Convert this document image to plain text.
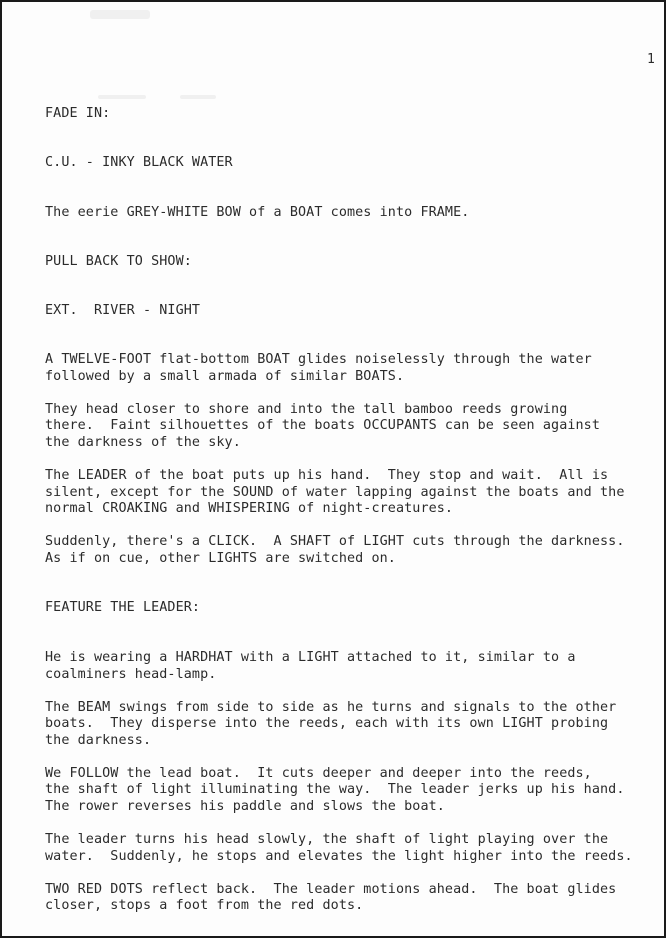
1

FADE IN:

C.U. - INKY BLACK WATER

The eerie GREY-WHITE BOW of a BOAT comes into FRAME.

PULL BACK TO SHOW:

EXT.  RIVER - NIGHT

A TWELVE-FOOT flat-bottom BOAT glides noiselessly through the water

followed by a small armada of similar BOATS.

They head closer to shore and into the tall bamboo reeds growing

there.  Faint silhouettes of the boats OCCUPANTS can be seen against

the darkness of the sky.

The LEADER of the boat puts up his hand.  They stop and wait.  All is

silent, except for the SOUND of water lapping against the boats and the

normal CROAKING and WHISPERING of night-creatures.

Suddenly, there's a CLICK.  A SHAFT of LIGHT cuts through the darkness.

As if on cue, other LIGHTS are switched on.

FEATURE THE LEADER:

He is wearing a HARDHAT with a LIGHT attached to it, similar to a

coalminers head-lamp.

The BEAM swings from side to side as he turns and signals to the other

boats.  They disperse into the reeds, each with its own LIGHT probing

the darkness.

We FOLLOW the lead boat.  It cuts deeper and deeper into the reeds,

the shaft of light illuminating the way.  The leader jerks up his hand.

The rower reverses his paddle and slows the boat.

The leader turns his head slowly, the shaft of light playing over the

water.  Suddenly, he stops and elevates the light higher into the reeds.

TWO RED DOTS reflect back.  The leader motions ahead.  The boat glides

closer, stops a foot from the red dots.
